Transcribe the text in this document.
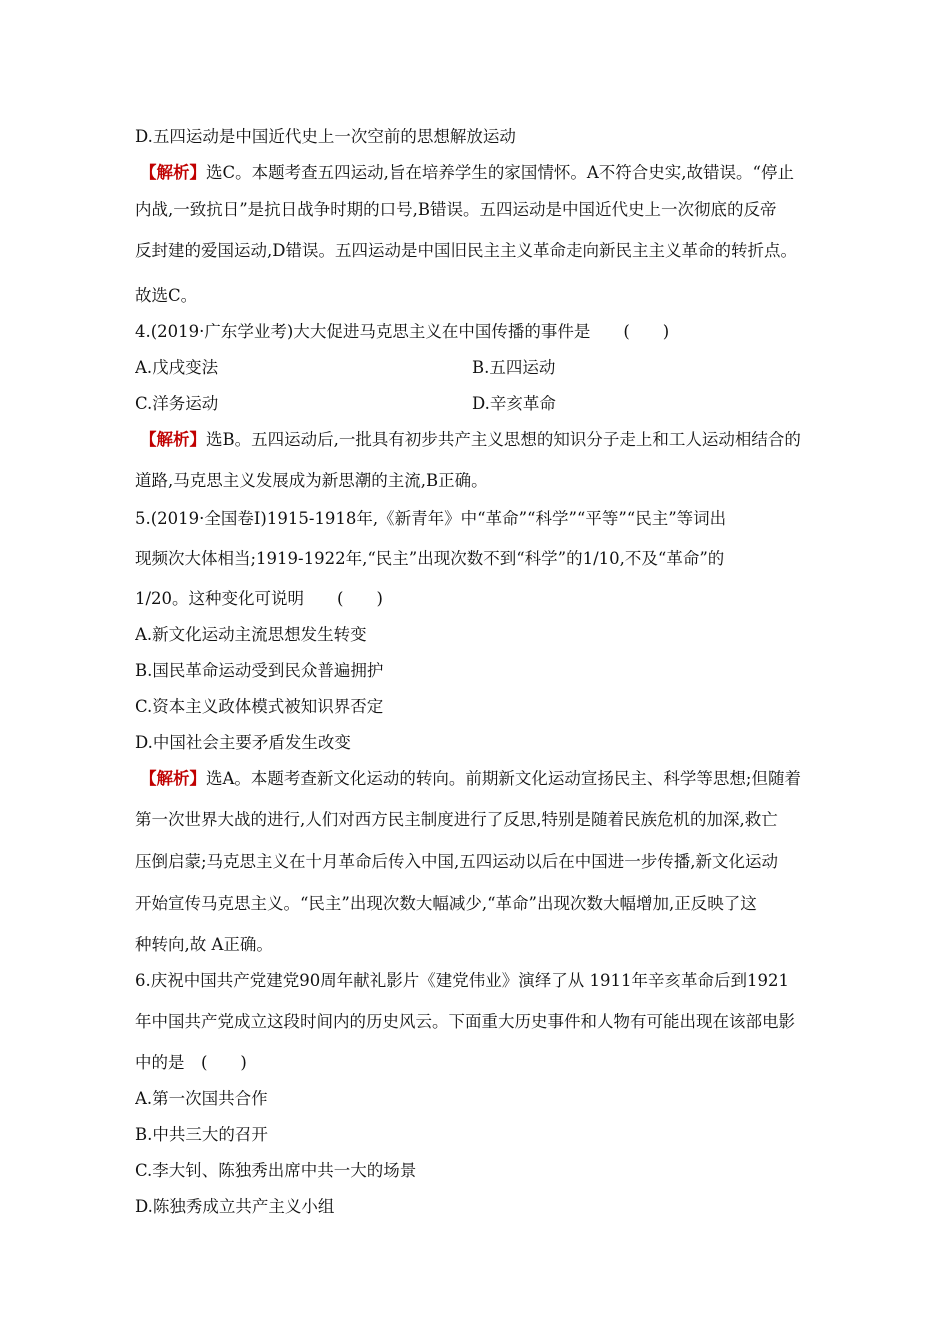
D.五四运动是中国近代史上一次空前的思想解放运动
【解析】选C。本题考查五四运动,旨在培养学生的家国情怀。A不符合史实,故错误。“停止
内战,一致抗日”是抗日战争时期的口号,B错误。五四运动是中国近代史上一次彻底的反帝
反封建的爱国运动,D错误。五四运动是中国旧民主主义革命走向新民主主义革命的转折点。
故选C。
4.(2019·广东学业考)大大促进马克思主义在中国传播的事件是　　(　　)
A.戊戌变法	B.五四运动
C.洋务运动	D.辛亥革命
【解析】选B。五四运动后,一批具有初步共产主义思想的知识分子走上和工人运动相结合的
道路,马克思主义发展成为新思潮的主流,B正确。
5.(2019·全国卷Ⅰ)1915-1918年,《新青年》中“革命”“科学”“平等”“民主”等词出
现频次大体相当;1919-1922年,“民主”出现次数不到“科学”的1/10,不及“革命”的
1/20。这种变化可说明　　(　　)
A.新文化运动主流思想发生转变
B.国民革命运动受到民众普遍拥护
C.资本主义政体模式被知识界否定
D.中国社会主要矛盾发生改变
【解析】选A。本题考查新文化运动的转向。前期新文化运动宣扬民主、科学等思想;但随着
第一次世界大战的进行,人们对西方民主制度进行了反思,特别是随着民族危机的加深,救亡
压倒启蒙;马克思主义在十月革命后传入中国,五四运动以后在中国进一步传播,新文化运动
开始宣传马克思主义。“民主”出现次数大幅减少,“革命”出现次数大幅增加,正反映了这
种转向,故 A正确。
6.庆祝中国共产党建党90周年献礼影片《建党伟业》演绎了从 1911年辛亥革命后到1921
年中国共产党成立这段时间内的历史风云。下面重大历史事件和人物有可能出现在该部电影
中的是　(　　)
A.第一次国共合作
B.中共三大的召开
C.李大钊、陈独秀出席中共一大的场景
D.陈独秀成立共产主义小组
